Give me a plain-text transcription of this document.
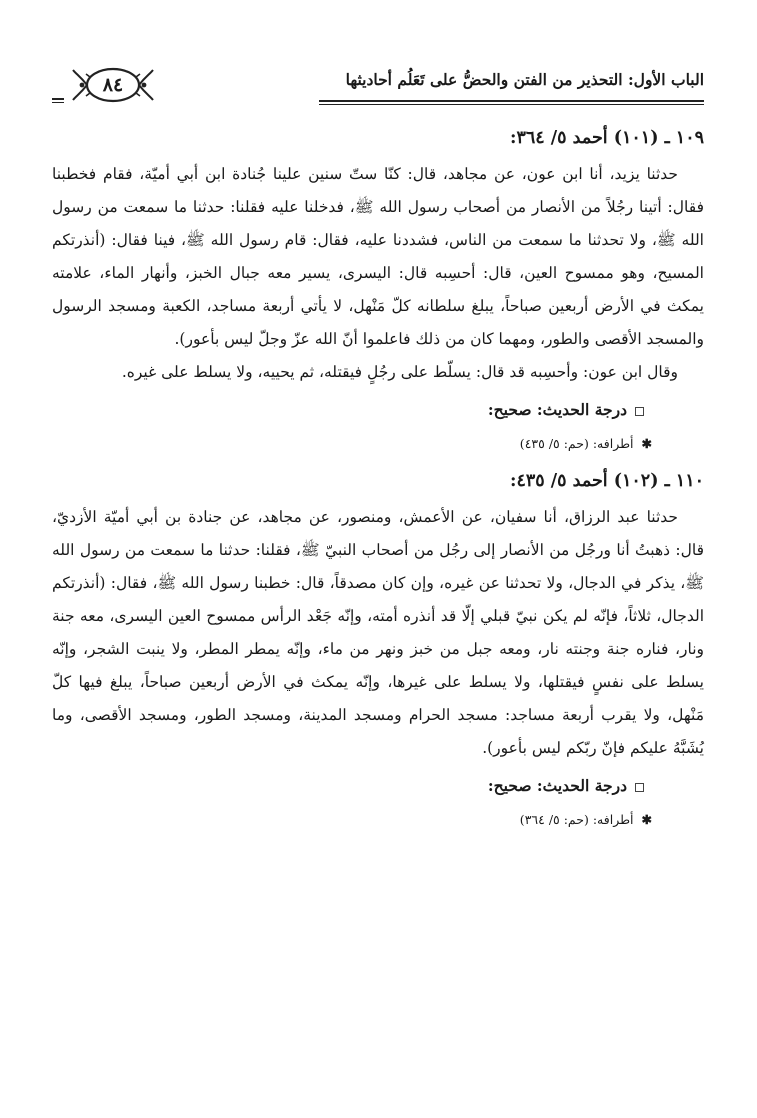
الباب الأول: التحذير من الفتن والحضُّ على تَعَلُم أحاديثها
٨٤
١٠٩ ـ (١٠١) أحمد ٥/ ٣٦٤:

حدثنا يزيد، أنا ابن عون، عن مجاهد، قال: كنّا ستّ سنين علينا جُنادة ابن أبي أميّة، فقام فخطبنا فقال: أتينا رجُلاً من الأنصار من أصحاب رسول الله ﷺ، فدخلنا عليه فقلنا: حدثنا ما سمعت من رسول الله ﷺ، ولا تحدثنا ما سمعت من الناس، فشددنا عليه، فقال: قام رسول الله ﷺ، فينا فقال: (أنذرتكم المسيح، وهو ممسوح العين، قال: أحسِبه قال: اليسرى، يسير معه جبال الخبز، وأنهار الماء، علامته يمكث في الأرض أربعين صباحاً، يبلغ سلطانه كلّ مَنْهل، لا يأتي أربعة مساجد، الكعبة ومسجد الرسول والمسجد الأقصى والطور، ومهما كان من ذلك فاعلموا أنّ الله عزّ وجلّ ليس بأعور).

وقال ابن عون: وأحسِبه قد قال: يسلّط على رجُلٍ فيقتله، ثم يحييه، ولا يسلط على غيره.

درجة الحديث: صحيح:
✱ أطرافه: (حم: ٥/ ٤٣٥)
١١٠ ـ (١٠٢) أحمد ٥/ ٤٣٥:

حدثنا عبد الرزاق، أنا سفيان، عن الأعمش، ومنصور، عن مجاهد، عن جنادة بن أبي أميّة الأزديّ، قال: ذهبتُ أنا ورجُل من الأنصار إلى رجُل من أصحاب النبيّ ﷺ، فقلنا: حدثنا ما سمعت من رسول الله ﷺ، يذكر في الدجال، ولا تحدثنا عن غيره، وإن كان مصدقاً، قال: خطبنا رسول الله ﷺ، فقال: (أنذرتكم الدجال، ثلاثاً، فإنّه لم يكن نبيّ قبلي إلّا قد أنذره أمته، وإنّه جَعْد الرأس ممسوح العين اليسرى، معه جنة ونار، فناره جنة وجنته نار، ومعه جبل من خبز ونهر من ماء، وإنّه يمطر المطر، ولا ينبت الشجر، وإنّه يسلط على نفسٍ فيقتلها، ولا يسلط على غيرها، وإنّه يمكث في الأرض أربعين صباحاً، يبلغ فيها كلّ مَنْهل، ولا يقرب أربعة مساجد: مسجد الحرام ومسجد المدينة، ومسجد الطور، ومسجد الأقصى، وما يُشَبَّهُ عليكم فإنّ ربّكم ليس بأعور).

درجة الحديث: صحيح:
✱ أطرافه: (حم: ٥/ ٣٦٤)
